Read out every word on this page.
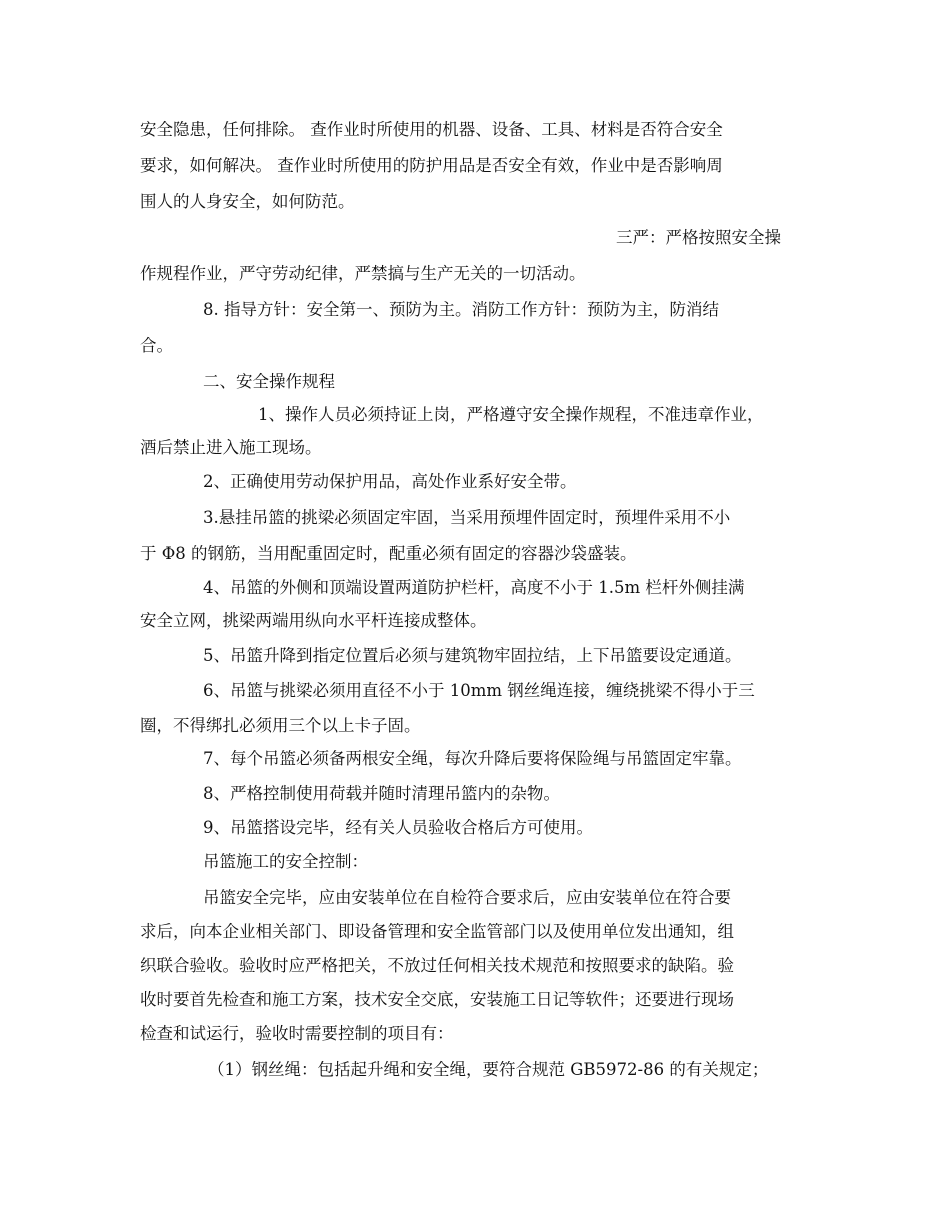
安全隐患，任何排除。 查作业时所使用的机器、设备、工具、材料是否符合安全
要求，如何解决。 查作业时所使用的防护用品是否安全有效，作业中是否影响周
围人的人身安全，如何防范。
三严：严格按照安全操
作规程作业，严守劳动纪律，严禁搞与生产无关的一切活动。
8. 指导方针：安全第一、预防为主。消防工作方针：预防为主，防消结
合。
二、安全操作规程
1、操作人员必须持证上岗，严格遵守安全操作规程，不准违章作业，
酒后禁止进入施工现场。
2、正确使用劳动保护用品，高处作业系好安全带。
3.悬挂吊篮的挑梁必须固定牢固，当采用预埋件固定时，预埋件采用不小
于 Φ8 的钢筋，当用配重固定时，配重必须有固定的容器沙袋盛装。
4、吊篮的外侧和顶端设置两道防护栏杆，高度不小于 1.5m 栏杆外侧挂满
安全立网，挑梁两端用纵向水平杆连接成整体。
5、吊篮升降到指定位置后必须与建筑物牢固拉结，上下吊篮要设定通道。
6、吊篮与挑梁必须用直径不小于 10mm 钢丝绳连接，缠绕挑梁不得小于三
圈，不得绑扎必须用三个以上卡子固。
7、每个吊篮必须备两根安全绳，每次升降后要将保险绳与吊篮固定牢靠。
8、严格控制使用荷载并随时清理吊篮内的杂物。
9、吊篮搭设完毕，经有关人员验收合格后方可使用。
吊篮施工的安全控制：
吊篮安全完毕，应由安装单位在自检符合要求后，应由安装单位在符合要
求后，向本企业相关部门、即设备管理和安全监管部门以及使用单位发出通知，组
织联合验收。验收时应严格把关，不放过任何相关技术规范和按照要求的缺陷。验
收时要首先检查和施工方案，技术安全交底，安装施工日记等软件；还要进行现场
检查和试运行，验收时需要控制的项目有：
（1）钢丝绳：包括起升绳和安全绳，要符合规范 GB5972-86 的有关规定；
